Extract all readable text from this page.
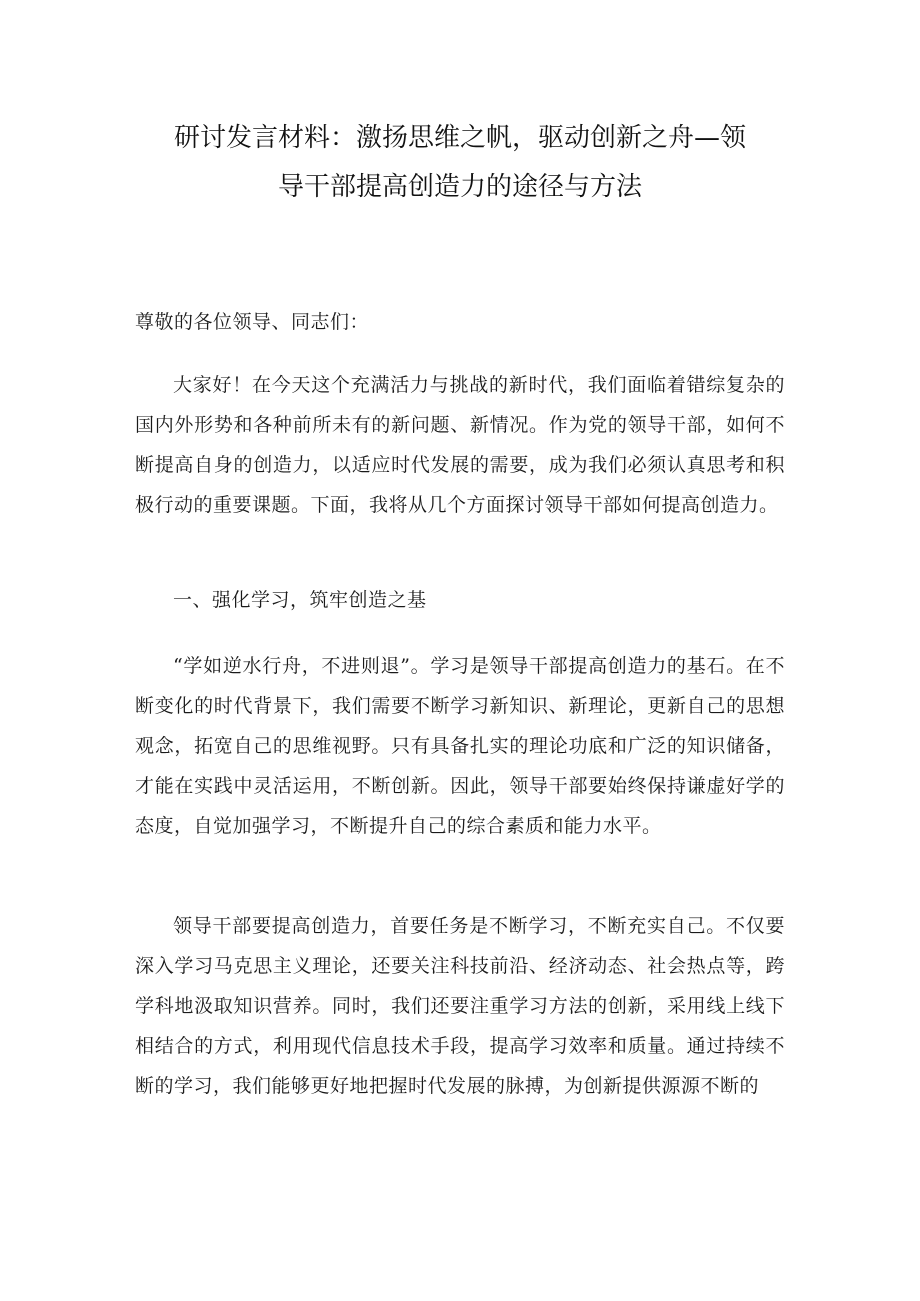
研讨发言材料：激扬思维之帆，驱动创新之舟—领
导干部提高创造力的途径与方法
尊敬的各位领导、同志们：
大家好！在今天这个充满活力与挑战的新时代，我们面临着错综复杂的国内外形势和各种前所未有的新问题、新情况。作为党的领导干部，如何不断提高自身的创造力，以适应时代发展的需要，成为我们必须认真思考和积极行动的重要课题。下面，我将从几个方面探讨领导干部如何提高创造力。
一、强化学习，筑牢创造之基
“学如逆水行舟，不进则退”。学习是领导干部提高创造力的基石。在不断变化的时代背景下，我们需要不断学习新知识、新理论，更新自己的思想观念，拓宽自己的思维视野。只有具备扎实的理论功底和广泛的知识储备，才能在实践中灵活运用，不断创新。因此，领导干部要始终保持谦虚好学的态度，自觉加强学习，不断提升自己的综合素质和能力水平。
领导干部要提高创造力，首要任务是不断学习，不断充实自己。不仅要深入学习马克思主义理论，还要关注科技前沿、经济动态、社会热点等，跨学科地汲取知识营养。同时，我们还要注重学习方法的创新，采用线上线下相结合的方式，利用现代信息技术手段，提高学习效率和质量。通过持续不断的学习，我们能够更好地把握时代发展的脉搏，为创新提供源源不断的
